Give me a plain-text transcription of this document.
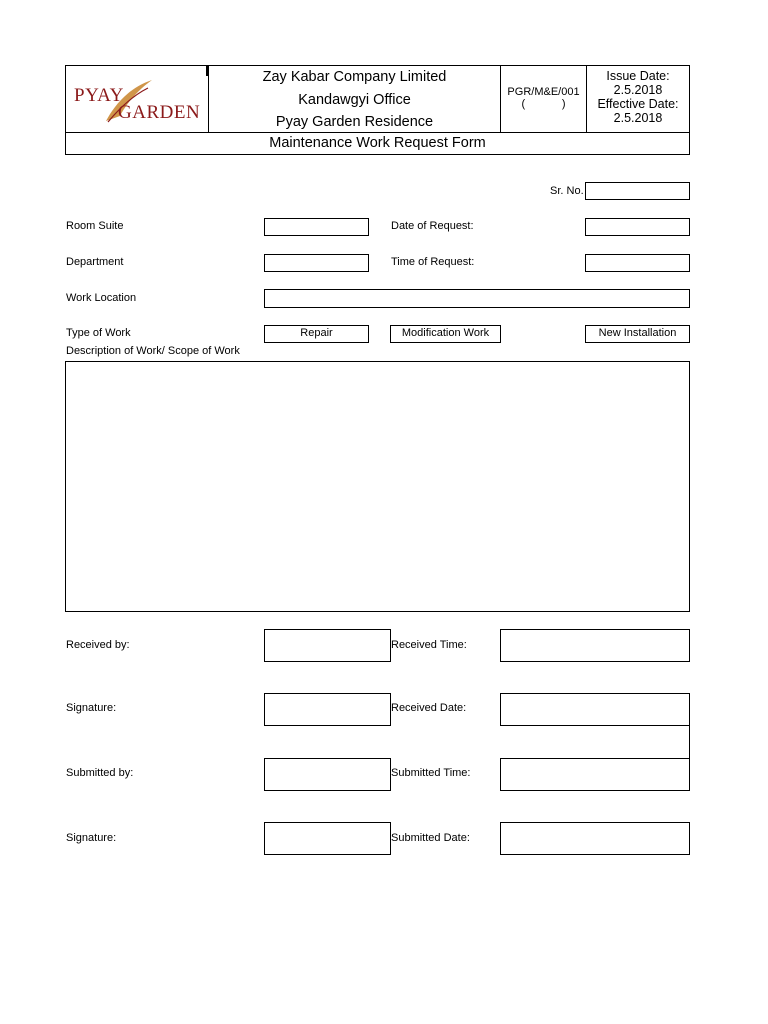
PYAY
GARDEN
Zay Kabar Company Limited
Kandawgyi Office
Pyay Garden Residence
PGR/M&E/001
(            )
Issue Date:
2.5.2018
Effective Date:
2.5.2018
Maintenance Work Request Form
Sr. No.
Room Suite	Date of Request:
Department	Time of Request:
Work Location
Type of Work	Repair	Modification Work	New Installation
Description of Work/ Scope of Work
Received by:	Received Time:
Signature:	Received Date:
Submitted by:	Submitted Time:
Signature:	Submitted Date:
